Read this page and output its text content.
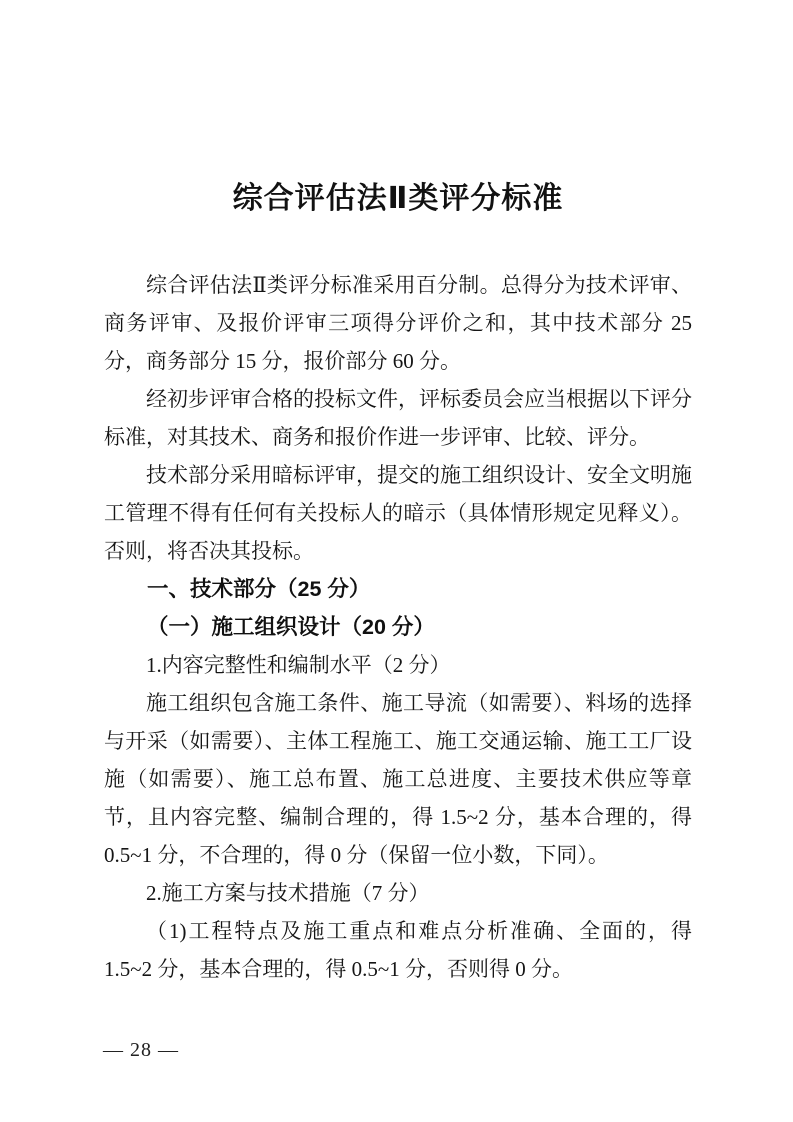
综合评估法Ⅱ类评分标准

综合评估法Ⅱ类评分标准采用百分制。总得分为技术评审、商务评审、及报价评审三项得分评价之和，其中技术部分 25 分，商务部分 15 分，报价部分 60 分。

经初步评审合格的投标文件，评标委员会应当根据以下评分标准，对其技术、商务和报价作进一步评审、比较、评分。

技术部分采用暗标评审，提交的施工组织设计、安全文明施工管理不得有任何有关投标人的暗示（具体情形规定见释义）。否则，将否决其投标。

一、技术部分（25 分）

（一）施工组织设计（20 分）

1.内容完整性和编制水平（2 分）

施工组织包含施工条件、施工导流（如需要）、料场的选择与开采（如需要）、主体工程施工、施工交通运输、施工工厂设施（如需要）、施工总布置、施工总进度、主要技术供应等章节，且内容完整、编制合理的，得 1.5~2 分，基本合理的，得 0.5~1 分，不合理的，得 0 分（保留一位小数，下同）。

2.施工方案与技术措施（7 分）

（1)工程特点及施工重点和难点分析准确、全面的，得 1.5~2 分，基本合理的，得 0.5~1 分，否则得 0 分。

— 28 —
